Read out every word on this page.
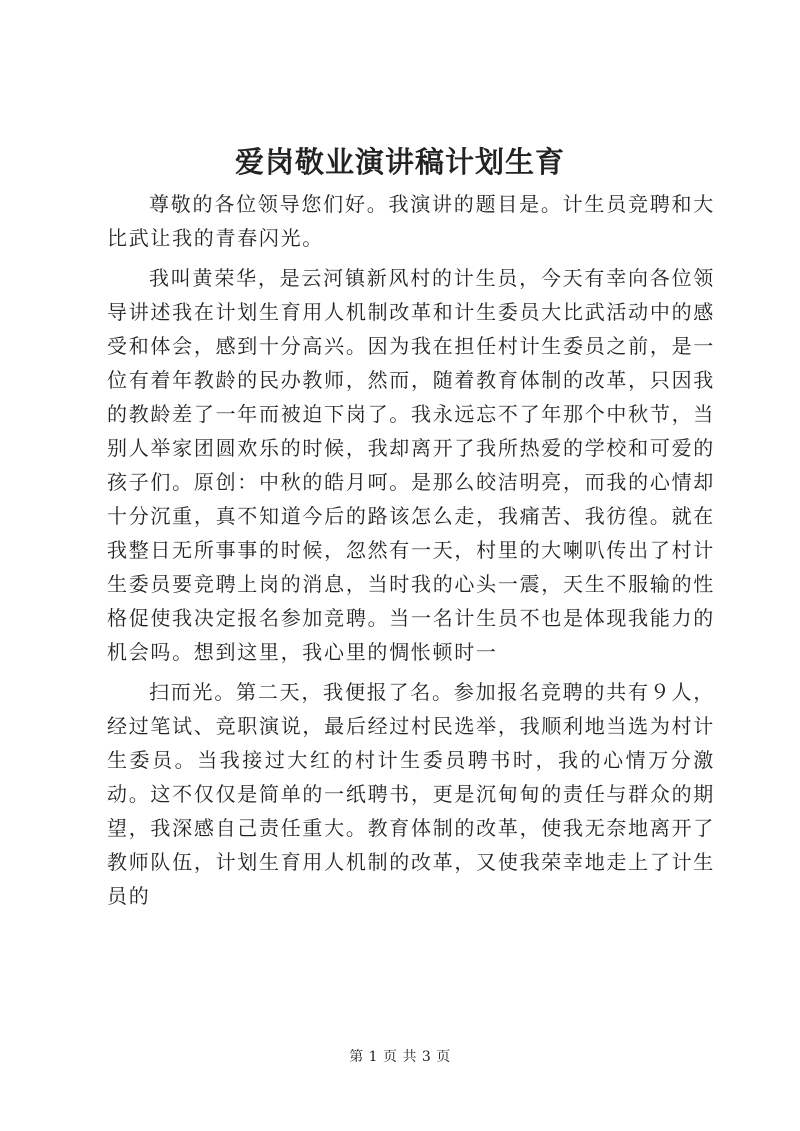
爱岗敬业演讲稿计划生育

尊敬的各位领导您们好。我演讲的题目是。计生员竞聘和大比武让我的青春闪光。

我叫黄荣华，是云河镇新风村的计生员，今天有幸向各位领导讲述我在计划生育用人机制改革和计生委员大比武活动中的感受和体会，感到十分高兴。因为我在担任村计生委员之前，是一位有着年教龄的民办教师，然而，随着教育体制的改革，只因我的教龄差了一年而被迫下岗了。我永远忘不了年那个中秋节，当别人举家团圆欢乐的时候，我却离开了我所热爱的学校和可爱的孩子们。原创：中秋的皓月呵。是那么皎洁明亮，而我的心情却十分沉重，真不知道今后的路该怎么走，我痛苦、我彷徨。就在我整日无所事事的时候，忽然有一天，村里的大喇叭传出了村计生委员要竞聘上岗的消息，当时我的心头一震，天生不服输的性格促使我决定报名参加竞聘。当一名计生员不也是体现我能力的机会吗。想到这里，我心里的惆怅顿时一

扫而光。第二天，我便报了名。参加报名竞聘的共有９人，经过笔试、竞职演说，最后经过村民选举，我顺利地当选为村计生委员。当我接过大红的村计生委员聘书时，我的心情万分激动。这不仅仅是简单的一纸聘书，更是沉甸甸的责任与群众的期望，我深感自己责任重大。教育体制的改革，使我无奈地离开了教师队伍，计划生育用人机制的改革，又使我荣幸地走上了计生员的

第 1 页 共 3 页
